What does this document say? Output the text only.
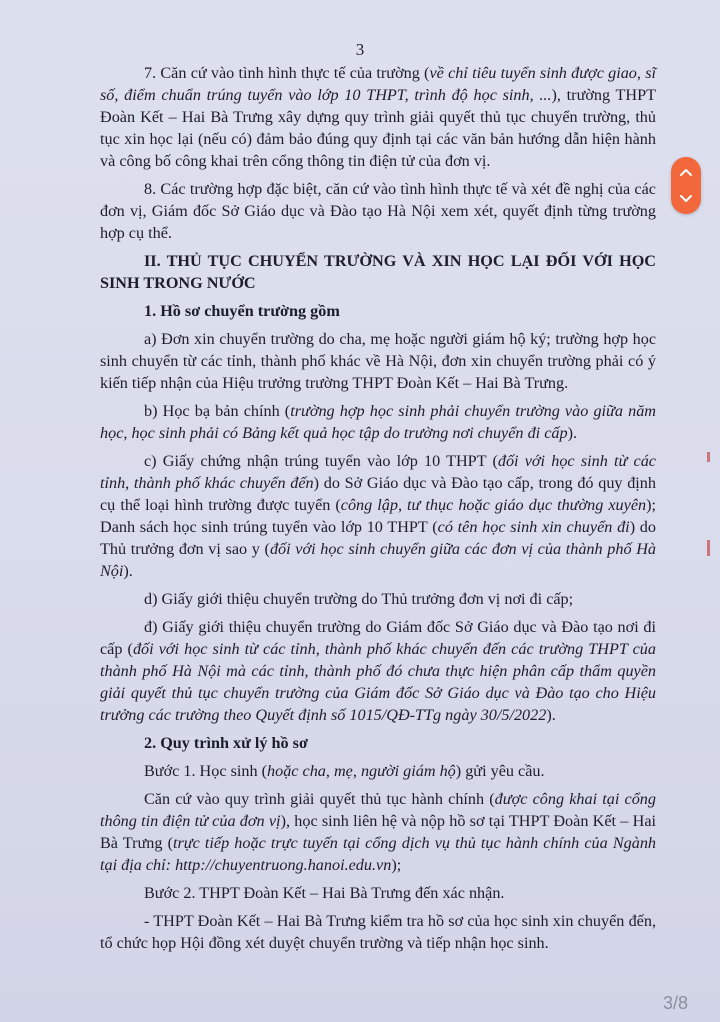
3

7. Căn cứ vào tình hình thực tế của trường (về chỉ tiêu tuyển sinh được giao, sĩ số, điểm chuẩn trúng tuyển vào lớp 10 THPT, trình độ học sinh, ...), trường THPT Đoàn Kết – Hai Bà Trưng xây dựng quy trình giải quyết thủ tục chuyển trường, thủ tục xin học lại (nếu có) đảm bảo đúng quy định tại các văn bản hướng dẫn hiện hành và công bố công khai trên cổng thông tin điện tử của đơn vị.

8. Các trường hợp đặc biệt, căn cứ vào tình hình thực tế và xét đề nghị của các đơn vị, Giám đốc Sở Giáo dục và Đào tạo Hà Nội xem xét, quyết định từng trường hợp cụ thể.

II. THỦ TỤC CHUYỂN TRƯỜNG VÀ XIN HỌC LẠI ĐỐI VỚI HỌC SINH TRONG NƯỚC

1. Hồ sơ chuyển trường gồm

a) Đơn xin chuyển trường do cha, mẹ hoặc người giám hộ ký; trường hợp học sinh chuyển từ các tỉnh, thành phố khác về Hà Nội, đơn xin chuyển trường phải có ý kiến tiếp nhận của Hiệu trưởng trường THPT Đoàn Kết – Hai Bà Trưng.

b) Học bạ bản chính (trường hợp học sinh phải chuyển trường vào giữa năm học, học sinh phải có Bảng kết quả học tập do trường nơi chuyển đi cấp).

c) Giấy chứng nhận trúng tuyển vào lớp 10 THPT (đối với học sinh từ các tỉnh, thành phố khác chuyển đến) do Sở Giáo dục và Đào tạo cấp, trong đó quy định cụ thể loại hình trường được tuyển (công lập, tư thục hoặc giáo dục thường xuyên); Danh sách học sinh trúng tuyển vào lớp 10 THPT (có tên học sinh xin chuyển đi) do Thủ trưởng đơn vị sao y (đối với học sinh chuyển giữa các đơn vị của thành phố Hà Nội).

d) Giấy giới thiệu chuyển trường do Thủ trưởng đơn vị nơi đi cấp;

đ) Giấy giới thiệu chuyển trường do Giám đốc Sở Giáo dục và Đào tạo nơi đi cấp (đối với học sinh từ các tỉnh, thành phố khác chuyển đến các trường THPT của thành phố Hà Nội mà các tỉnh, thành phố đó chưa thực hiện phân cấp thẩm quyền giải quyết thủ tục chuyển trường của Giám đốc Sở Giáo dục và Đào tạo cho Hiệu trưởng các trường theo Quyết định số 1015/QĐ-TTg ngày 30/5/2022).

2. Quy trình xử lý hồ sơ

Bước 1. Học sinh (hoặc cha, mẹ, người giám hộ) gửi yêu cầu.

Căn cứ vào quy trình giải quyết thủ tục hành chính (được công khai tại cổng thông tin điện tử của đơn vị), học sinh liên hệ và nộp hồ sơ tại THPT Đoàn Kết – Hai Bà Trưng (trực tiếp hoặc trực tuyến tại cổng dịch vụ thủ tục hành chính của Ngành tại địa chỉ: http://chuyentruong.hanoi.edu.vn);

Bước 2. THPT Đoàn Kết – Hai Bà Trưng đến xác nhận.

- THPT Đoàn Kết – Hai Bà Trưng kiểm tra hồ sơ của học sinh xin chuyển đến, tổ chức họp Hội đồng xét duyệt chuyển trường và tiếp nhận học sinh.

3/8
